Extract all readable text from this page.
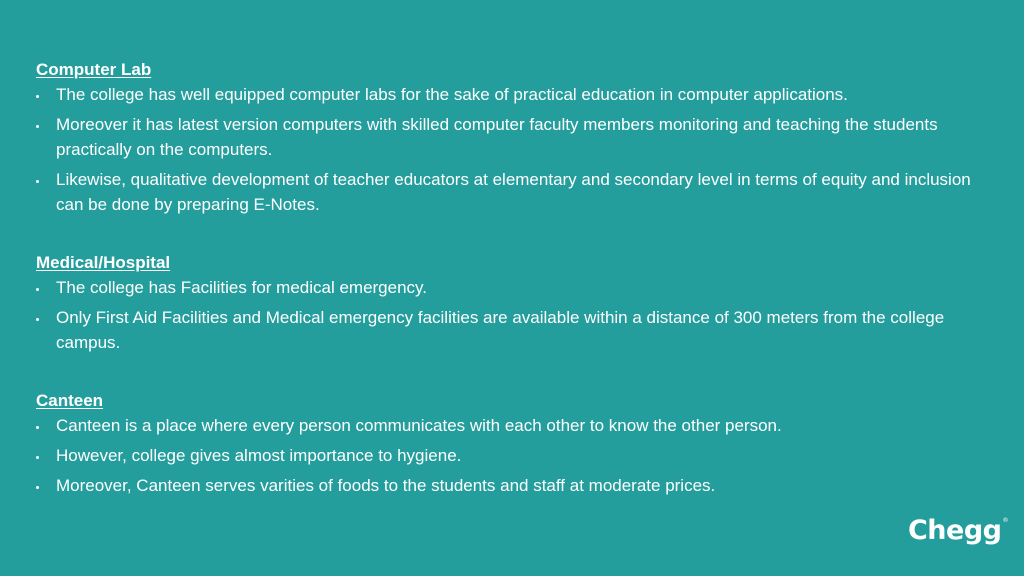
Computer Lab
The college has well equipped computer labs for the sake of practical education in computer applications.
Moreover it has latest version computers with skilled computer faculty members monitoring and teaching the students practically on the computers.
Likewise, qualitative development of teacher educators at elementary and secondary level in terms of equity and inclusion can be done by preparing E-Notes.
Medical/Hospital
The college has Facilities for medical emergency.
Only First Aid Facilities and Medical emergency facilities are available within a distance of 300 meters from the college campus.
Canteen
Canteen is a place where every person communicates with each other to know the other person.
However, college gives almost importance to hygiene.
Moreover, Canteen serves varities of foods to the students and staff at moderate prices.
Chegg®
